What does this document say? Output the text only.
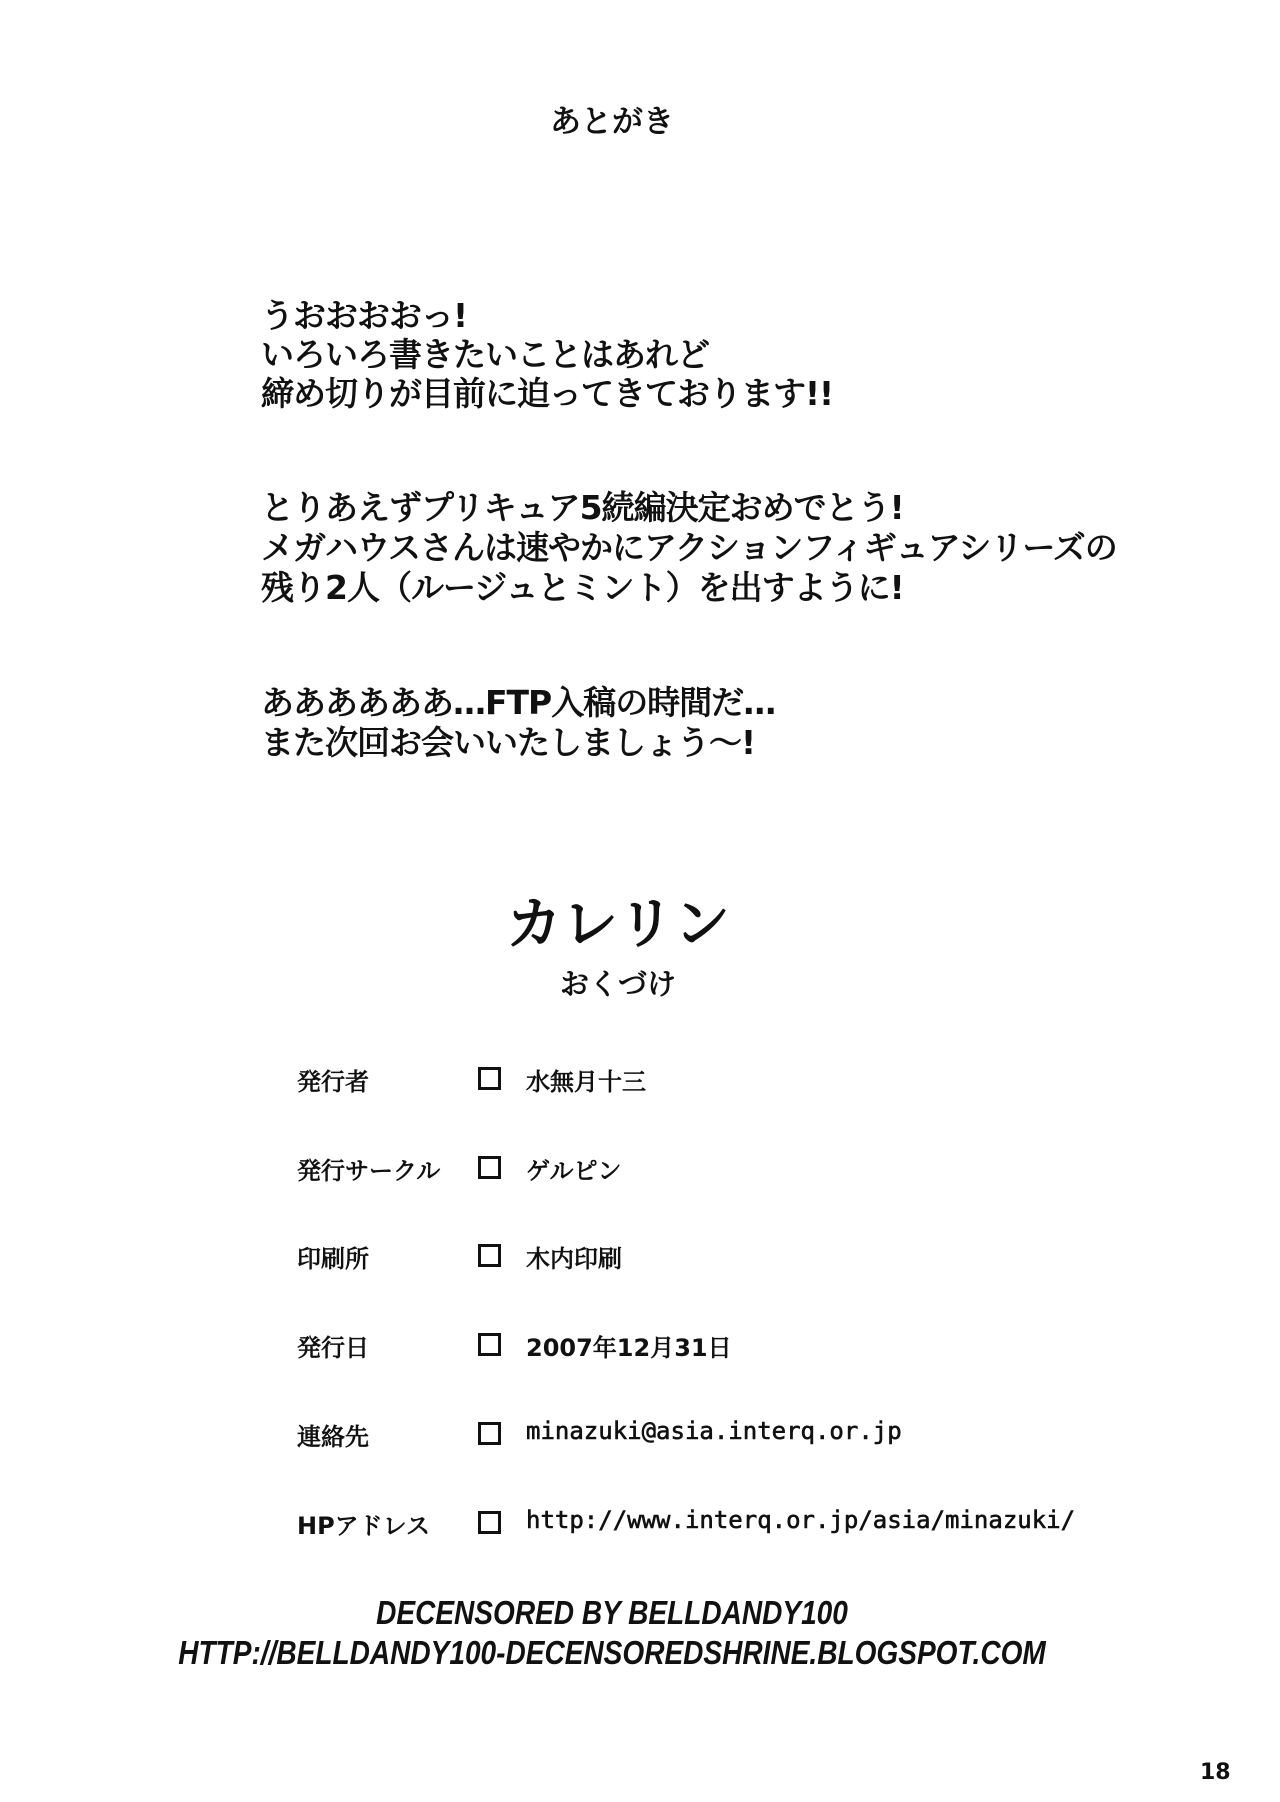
あとがき
うおおおおっ!
いろいろ書きたいことはあれど
締め切りが目前に迫ってきております!!
とりあえずプリキュア5続編決定おめでとう!
メガハウスさんは速やかにアクションフィギュアシリーズの
残り2人（ルージュとミント）を出すように!
ああああああ…FTP入稿の時間だ…
また次回お会いいたしましょう～!
カレリン
おくづけ
発行者	水無月十三
発行サークル	ゲルピン
印刷所	木内印刷
発行日	2007年12月31日
連絡先	minazuki@asia.interq.or.jp
HPアドレス	http://www.interq.or.jp/asia/minazuki/
DECENSORED BY BELLDANDY100
HTTP://BELLDANDY100-DECENSOREDSHRINE.BLOGSPOT.COM
18
